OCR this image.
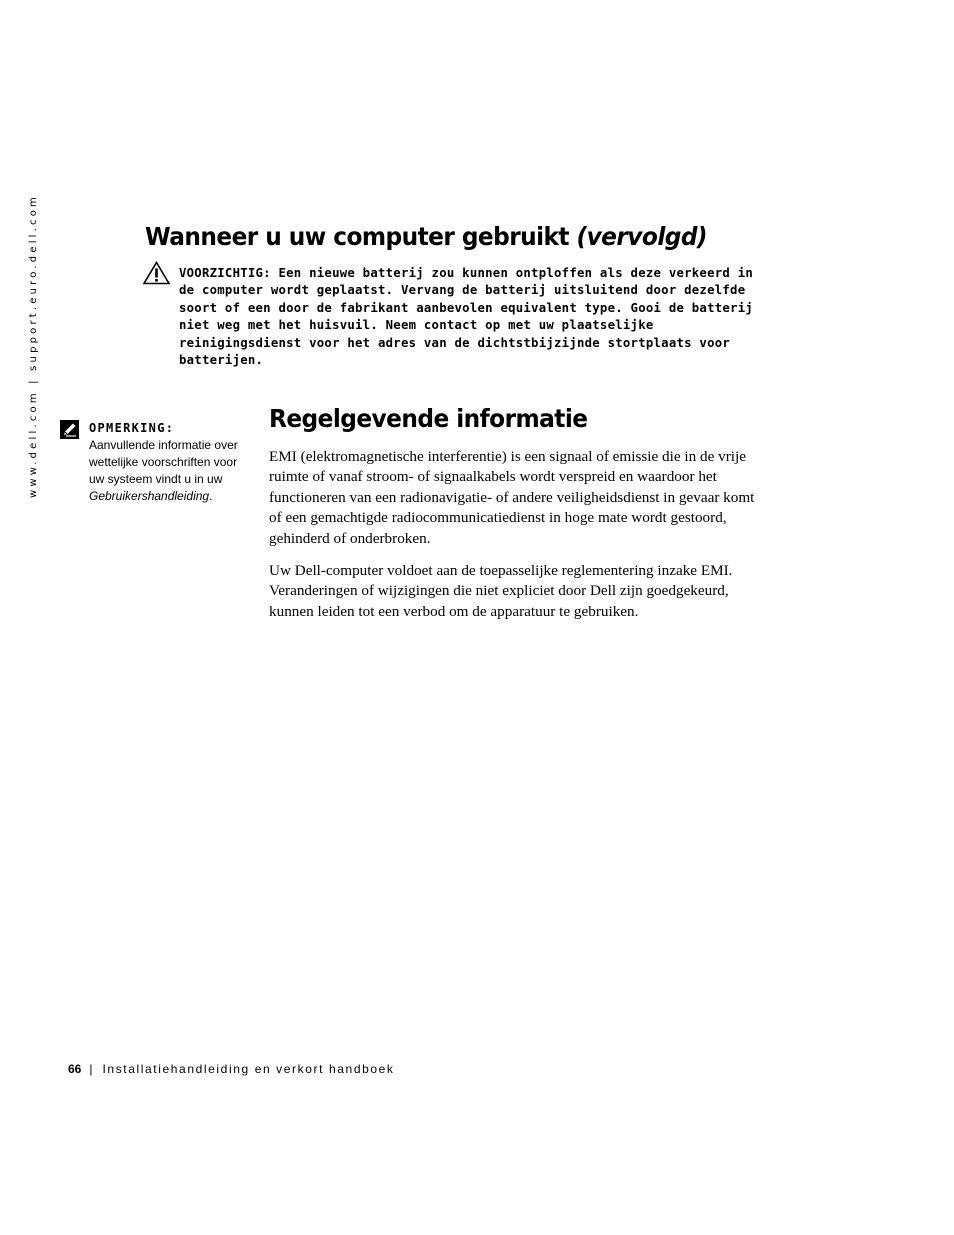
www.dell.com | support.euro.dell.com	Wanneer u uw computer gebruikt (vervolgd)

VOORZICHTIG: Een nieuwe batterij zou kunnen ontploffen als deze verkeerd in de computer wordt geplaatst. Vervang de batterij uitsluitend door dezelfde soort of een door de fabrikant aanbevolen equivalent type. Gooi de batterij niet weg met het huisvuil. Neem contact op met uw plaatselijke reinigingsdienst voor het adres van de dichtstbijzijnde stortplaats voor batterijen.

OPMERKING:

Aanvullende informatie over wettelijke voorschriften voor uw systeem vindt u in uw Gebruikershandleiding.

Regelgevende informatie

EMI (elektromagnetische interferentie) is een signaal of emissie die in de vrije ruimte of vanaf stroom- of signaalkabels wordt verspreid en waardoor het functioneren van een radionavigatie- of andere veiligheidsdienst in gevaar komt of een gemachtigde radiocommunicatiedienst in hoge mate wordt gestoord, gehinderd of onderbroken.

Uw Dell-computer voldoet aan de toepasselijke reglementering inzake EMI. Veranderingen of wijzigingen die niet expliciet door Dell zijn goedgekeurd, kunnen leiden tot een verbod om de apparatuur te gebruiken.

66 | Installatiehandleiding en verkort handboek
